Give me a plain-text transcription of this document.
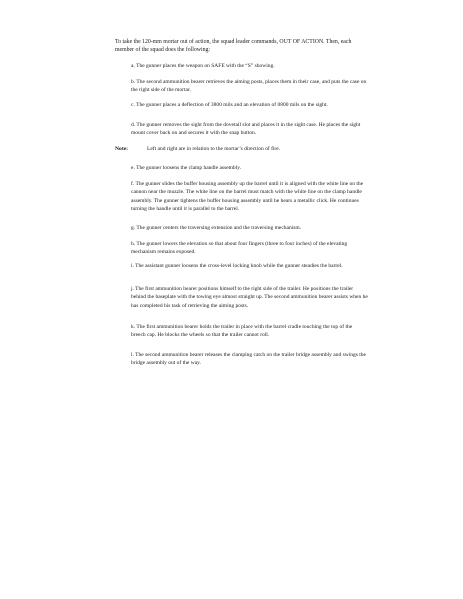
To take the 120-mm mortar out of action, the squad leader commands, OUT OF ACTION. Then, each member of the squad does the following:

a. The gunner places the weapon on SAFE with the “S” showing.

b. The second ammunition bearer retrieves the aiming posts, places them in their case, and puts the case on the right side of the mortar.

c. The gunner places a deflection of 3800 mils and an elevation of 0800 mils on the sight.

d. The gunner removes the sight from the dovetail slot and places it in the sight case. He places the sight mount cover back on and secures it with the snap button.

Note:	Left and right are in relation to the mortar’s direction of fire.

e. The gunner loosens the clamp handle assembly.

f. The gunner slides the buffer housing assembly up the barrel until it is aligned with the white line on the cannon near the muzzle. The white line on the barrel must match with the white line on the clamp handle assembly. The gunner tightens the buffer housing assembly until he hears a metallic click. He continues turning the handle until it is parallel to the barrel.

g. The gunner centers the traversing extension and the traversing mechanism.

h. The gunner lowers the elevation so that about four fingers (three to four inches) of the elevating mechanism remains exposed.

i. The assistant gunner loosens the cross-level locking knob while the gunner steadies the barrel.

j. The first ammunition bearer positions himself to the right side of the trailer. He positions the trailer behind the baseplate with the towing eye almost straight up. The second ammunition bearer assists when he has completed his task of retrieving the aiming posts.

k. The first ammunition bearer holds the trailer in place with the barrel cradle touching the top of the breech cap. He blocks the wheels so that the trailer cannot roll.

l. The second ammunition bearer releases the clamping catch on the trailer bridge assembly and swings the bridge assembly out of the way.
